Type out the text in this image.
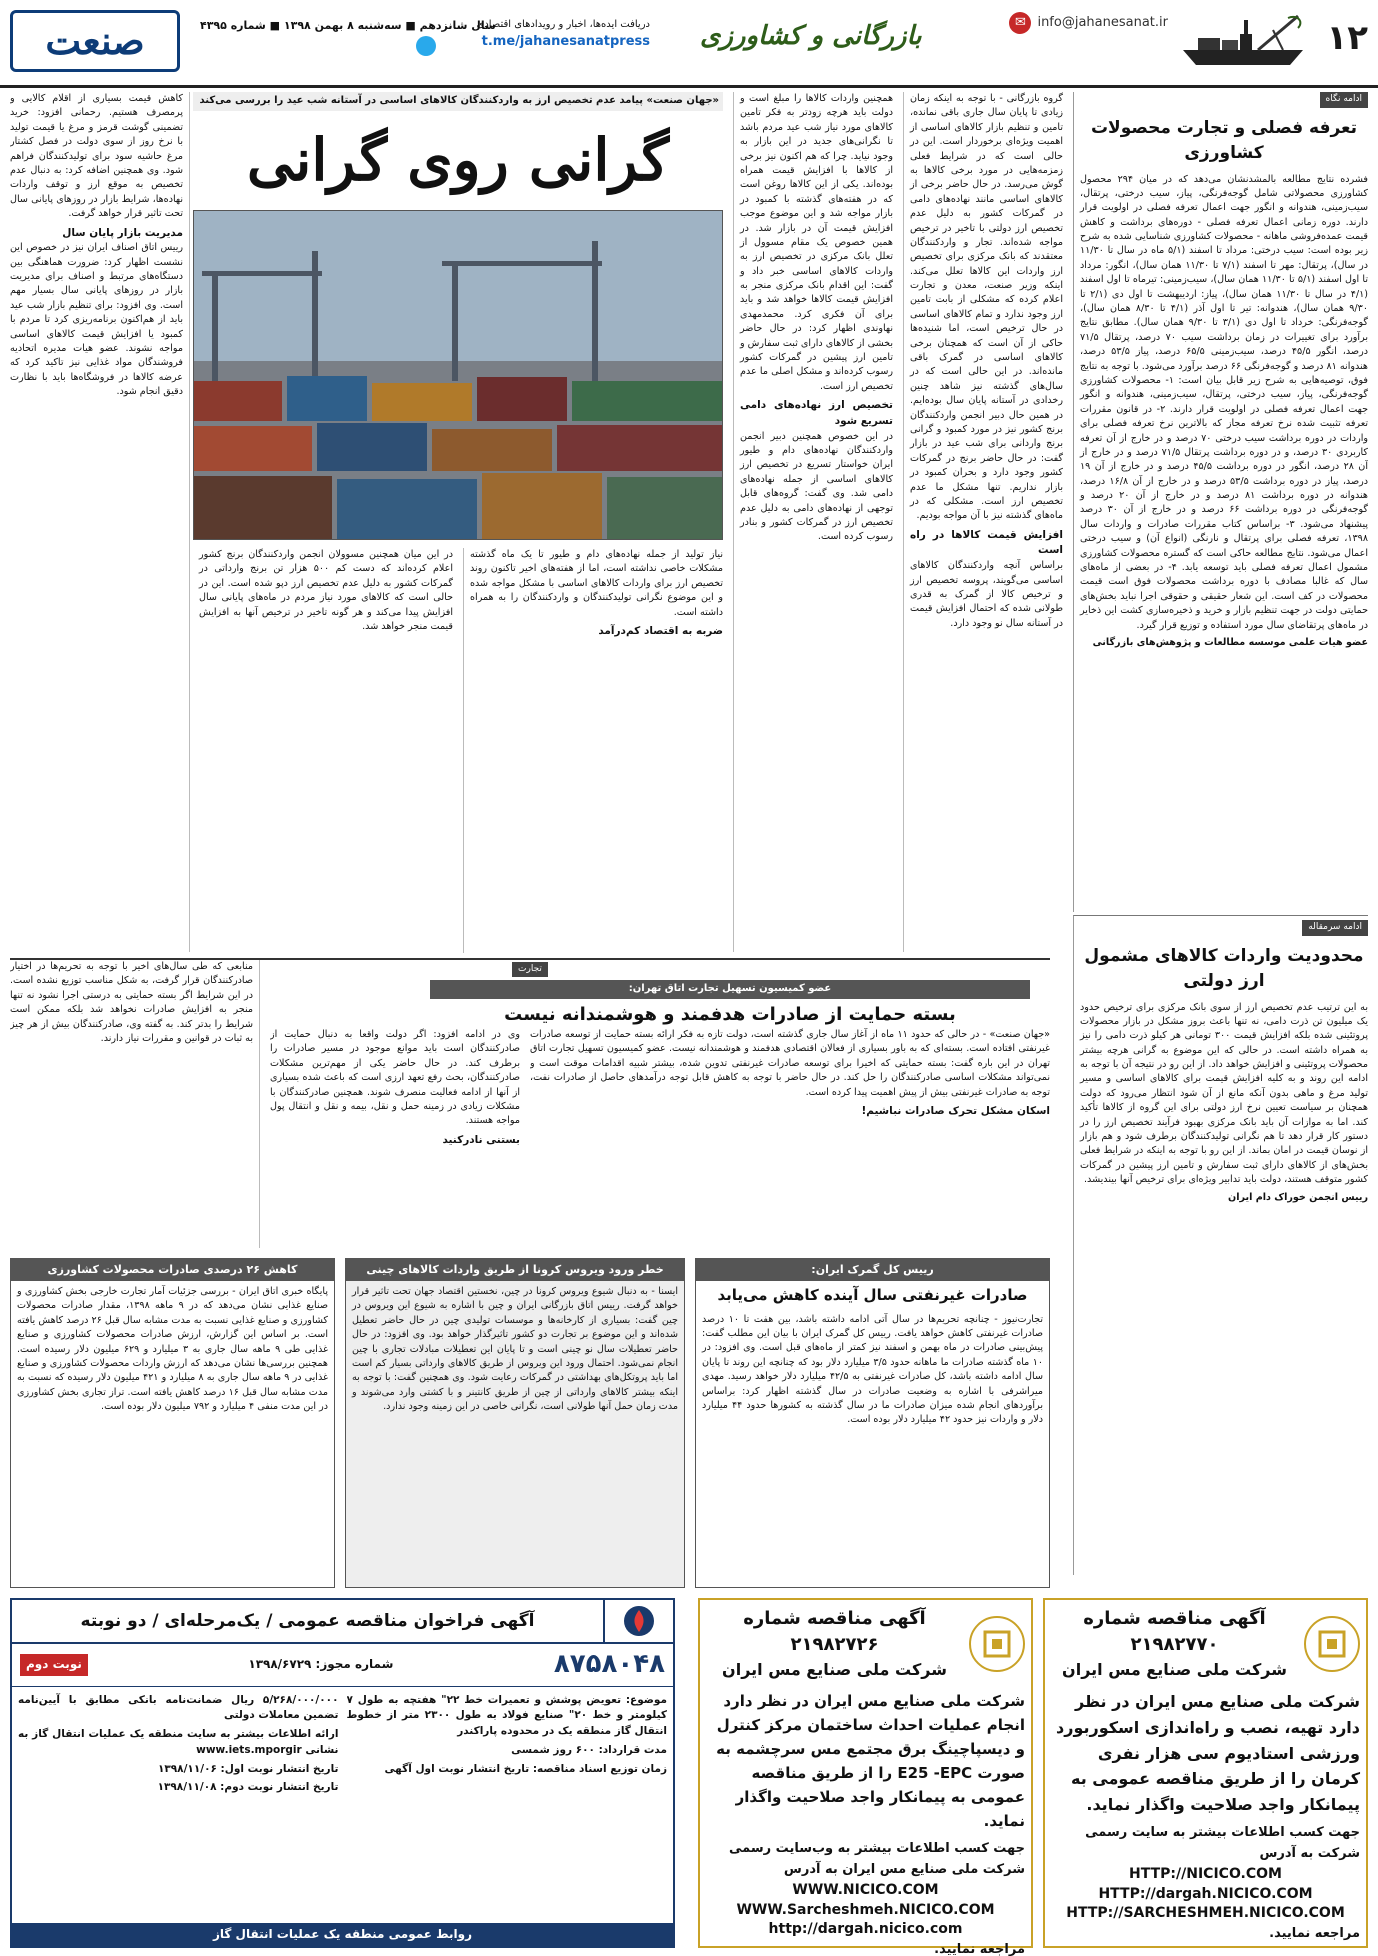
۱۲
info@jahanesanat.ir
✉
بازرگانی و کشاورزی
دریافت ایده‌ها، اخبار و رویدادهای اقتصادی
t.me/jahanesanatpress
سال شانزدهم ■ سه‌شنبه ۸ بهمن ۱۳۹۸ ■ شماره ۴۳۹۵
صنعت
ادامه نگاه
تعرفه فصلی و تجارت محصولات کشاورزی

فشرده نتایج مطالعه بالمشدنشان می‌دهد که در میان ۲۹۴ محصول کشاورزی محصولاتی شامل گوجه‌فرنگی، پیاز، سیب درختی، پرتقال، سیب‌زمینی، هندوانه و انگور جهت اعمال تعرفه فصلی در اولویت قرار دارند. دوره زمانی اعمال تعرفه فصلی - دوره‌های برداشت و کاهش قیمت عمده‌فروشی ماهانه - محصولات کشاورزی شناسایی شده به شرح زیر بوده است: سیب درختی: مرداد تا اسفند (۵/۱ ماه در سال تا ۱۱/۳۰ در سال)، پرتقال: مهر تا اسفند (۷/۱ تا ۱۱/۳۰ همان سال)، انگور: مرداد تا اول اسفند (۵/۱ تا ۱۱/۳۰ همان سال)، سیب‌زمینی: تیرماه تا اول اسفند (۴/۱ در سال تا ۱۱/۳۰ همان سال)، پیاز: اردیبهشت تا اول دی (۲/۱ تا ۹/۳۰ همان سال)، هندوانه: تیر تا اول آذر (۴/۱ تا ۸/۳۰ همان سال)، گوجه‌فرنگی: خرداد تا اول دی (۳/۱ تا ۹/۳۰ همان سال). مطابق نتایج برآورد برای تغییرات در زمان برداشت سیب ۷۰ درصد، پرتقال ۷۱/۵ درصد، انگور ۴۵/۵ درصد، سیب‌زمینی ۶۵/۵ درصد، پیاز ۵۳/۵ درصد، هندوانه ۸۱ درصد و گوجه‌فرنگی ۶۶ درصد برآورد می‌شود. با توجه به نتایج فوق، توصیه‌هایی به شرح زیر قابل بیان است: ۱- محصولات کشاورزی گوجه‌فرنگی، پیاز، سیب درختی، پرتقال، سیب‌زمینی، هندوانه و انگور جهت اعمال تعرفه فصلی در اولویت قرار دارند. ۲- در قانون مقررات تعرفه تثبیت شده نرخ تعرفه مجاز که بالاترین نرخ تعرفه فصلی برای واردات در دوره برداشت سیب درختی ۷۰ درصد و در خارج از آن تعرفه کاربردی ۳۰ درصد، و در دوره برداشت پرتقال ۷۱/۵ درصد و در خارج از آن ۲۸ درصد، انگور در دوره برداشت ۴۵/۵ درصد و در خارج از آن ۱۹ درصد، پیاز در دوره برداشت ۵۳/۵ درصد و در خارج از آن ۱۶/۸ درصد، هندوانه در دوره برداشت ۸۱ درصد و در خارج از آن ۲۰ درصد و گوجه‌فرنگی در دوره برداشت ۶۶ درصد و در خارج از آن ۳۰ درصد پیشنهاد می‌شود. ۳- براساس کتاب مقررات صادرات و واردات سال ۱۳۹۸، تعرفه فصلی برای پرتقال و نارنگی (انواع آن) و سیب درختی اعمال می‌شود. نتایج مطالعه حاکی است که گستره محصولات کشاورزی مشمول اعمال تعرفه فصلی باید توسعه یابد. ۴- در بعضی از ماه‌های سال که غالبا مصادف با دوره برداشت محصولات فوق است قیمت محصولات در کف است. این شعار حقیقی و حقوقی اجرا نباید بخش‌های حمایتی دولت در جهت تنظیم بازار و خرید و ذخیره‌سازی کشت این ذخایر در ماه‌های پرتقاضای سال مورد استفاده و توزیع قرار گیرد.

عضو هیات علمی موسسه مطالعات و پژوهش‌های بازرگانی

ادامه سرمقاله
محدودیت واردات کالاهای مشمول ارز دولتی

به این ترتیب عدم تخصیص ارز از سوی بانک مرکزی برای ترخیص حدود یک میلیون تن ذرت دامی، نه تنها باعث بروز مشکل در بازار محصولات پروتئینی شده بلکه افزایش قیمت ۳۰۰ تومانی هر کیلو ذرت دامی را نیز به همراه داشته است. در حالی که این موضوع به گرانی هرچه بیشتر محصولات پروتئینی و افزایش خواهد داد. از این رو در نتیجه آن با توجه به ادامه این روند و به کلیه افزایش قیمت برای کالاهای اساسی و مسیر تولید مرغ و ماهی بدون آنکه مانع از آن شود انتظار می‌رود که دولت همچنان بر سیاست تعیین نرخ ارز دولتی برای این گروه از کالاها تأکید کند. اما به موازات آن باید بانک مرکزی بهبود فرآیند تخصیص ارز را در دستور کار قرار دهد تا هم نگرانی تولیدکنندگان برطرف شود و هم بازار از نوسان قیمت در امان بماند. از این رو با توجه به اینکه در شرایط فعلی بخش‌های از کالاهای دارای ثبت سفارش و تامین ارز پیشین در گمرکات کشور متوقف هستند، دولت باید تدابیر ویژه‌ای برای ترخیص آنها بیندیشد.

رییس انجمن خوراک دام ایران

گروه بازرگانی - با توجه به اینکه زمان زیادی تا پایان سال جاری باقی نمانده، تامین و تنظیم بازار کالاهای اساسی از اهمیت ویژه‌ای برخوردار است. این در حالی است که در شرایط فعلی زمزمه‌هایی در مورد برخی کالاها به گوش می‌رسد. در حال حاضر برخی از کالاهای اساسی مانند نهاده‌های دامی در گمرکات کشور به دلیل عدم تخصیص ارز دولتی با تاخیر در ترخیص مواجه شده‌اند. تجار و واردکنندگان معتقدند که بانک مرکزی برای تخصیص ارز واردات این کالاها تعلل می‌کند. اینکه وزیر صنعت، معدن و تجارت اعلام کرده که مشکلی از بابت تامین ارز وجود ندارد و تمام کالاهای اساسی در حال ترخیص است، اما شنیده‌ها حاکی از آن است که همچنان برخی کالاهای اساسی در گمرک باقی مانده‌اند. در این حالی است که در سال‌های گذشته نیز شاهد چنین رخدادی در آستانه پایان سال بوده‌ایم. در همین حال دبیر انجمن واردکنندگان برنج کشور نیز در مورد کمبود و گرانی برنج واردانی برای شب عید در بازار گفت: در حال حاضر برنج در گمرکات کشور وجود دارد و بحران کمبود در بازار نداریم. تنها مشکل ما عدم تخصیص ارز است. مشکلی که در ماه‌های گذشته نیز با آن مواجه بودیم.

افزایش قیمت کالاها در راه است

براساس آنچه واردکنندگان کالاهای اساسی می‌گویند، پروسه تخصیص ارز و ترخیص کالا از گمرک به قدری طولانی شده که احتمال افزایش قیمت در آستانه سال نو وجود دارد.

همچنین واردات کالاها را مبلغ است و دولت باید هرچه زودتر به فکر تامین کالاهای مورد نیاز شب عید مردم باشد تا نگرانی‌های جدید در این بازار به وجود نیاید. چرا که هم اکنون نیز برخی از کالاها با افزایش قیمت همراه بوده‌اند. یکی از این کالاها روغن است که در هفته‌های گذشته با کمبود در بازار مواجه شد و این موضوع موجب افزایش قیمت آن در بازار شد. در همین خصوص یک مقام مسوول از تعلل بانک مرکزی در تخصیص ارز به واردات کالاهای اساسی خبر داد و گفت: این اقدام بانک مرکزی منجر به افزایش قیمت کالاها خواهد شد و باید برای آن فکری کرد. محمدمهدی نهاوندی اظهار کرد: در حال حاضر بخشی از کالاهای دارای ثبت سفارش و تامین ارز پیشین در گمرکات کشور رسوب کرده‌اند و مشکل اصلی ما عدم تخصیص ارز است.

تخصیص ارز نهاده‌های دامی تسریع شود

در این خصوص همچنین دبیر انجمن واردکنندگان نهاده‌های دام و طیور ایران خواستار تسریع در تخصیص ارز کالاهای اساسی از جمله نهاده‌های دامی شد. وی گفت: گروه‌های قابل توجهی از نهاده‌های دامی به دلیل عدم تخصیص ارز در گمرکات کشور و بنادر رسوب کرده است.

«جهان صنعت» پیامد عدم تخصیص ارز به واردکنندگان کالاهای اساسی در آستانه شب عید را بررسی می‌کند
گرانی روی گرانی

در این میان همچنین مسوولان انجمن واردکنندگان برنج کشور اعلام کرده‌اند که دست کم ۵۰۰ هزار تن برنج وارداتی در گمرکات کشور به دلیل عدم تخصیص ارز دپو شده است. این در حالی است که کالاهای مورد نیاز مردم در ماه‌های پایانی سال افزایش پیدا می‌کند و هر گونه تاخیر در ترخیص آنها به افزایش قیمت منجر خواهد شد.

نیاز تولید از جمله نهاده‌های دام و طیور تا یک ماه گذشته مشکلات خاصی نداشته است، اما از هفته‌های اخیر تاکنون روند تخصیص ارز برای واردات کالاهای اساسی با مشکل مواجه شده و این موضوع نگرانی تولیدکنندگان و واردکنندگان را به همراه داشته است.

ضربه به اقتصاد کم‌درآمد

کاهش قیمت بسیاری از اقلام کالایی و پرمصرف هستیم. رحمانی افزود: خرید تضمینی گوشت قرمز و مرغ یا قیمت تولید با نرخ روز از سوی دولت در فصل کشتار مرغ حاشیه سود برای تولیدکنندگان فراهم شود. وی همچنین اضافه کرد: به دنبال عدم تخصیص به موقع ارز و توقف واردات نهاده‌ها، شرایط بازار در روزهای پایانی سال تحت تاثیر قرار خواهد گرفت.

مدیریت بازار پایان سال

رییس اتاق اصناف ایران نیز در خصوص این نشست اظهار کرد: ضرورت هماهنگی بین دستگاه‌های مرتبط و اصناف برای مدیریت بازار در روزهای پایانی سال بسیار مهم است. وی افزود: برای تنظیم بازار شب عید باید از هم‌اکنون برنامه‌ریزی کرد تا مردم با کمبود یا افزایش قیمت کالاهای اساسی مواجه نشوند. عضو هیات مدیره اتحادیه فروشندگان مواد غذایی نیز تاکید کرد که عرضه کالاها در فروشگاه‌ها باید با نظارت دقیق انجام شود.

تجارت
عضو کمیسیون تسهیل تجارت اتاق تهران:
بسته حمایت از صادرات هدفمند و هوشمندانه نیست

«جهان صنعت» - در حالی که حدود ۱۱ ماه از آغاز سال جاری گذشته است، دولت تازه به فکر ارائه بسته حمایت از توسعه صادرات غیرنفتی افتاده است. بسته‌ای که به باور بسیاری از فعالان اقتصادی هدفمند و هوشمندانه نیست. عضو کمیسیون تسهیل تجارت اتاق تهران در این باره گفت: بسته حمایتی که اخیرا برای توسعه صادرات غیرنفتی تدوین شده، بیشتر شبیه اقدامات موقت است و نمی‌تواند مشکلات اساسی صادرکنندگان را حل کند. در حال حاضر با توجه به کاهش قابل توجه درآمدهای حاصل از صادرات نفت، توجه به صادرات غیرنفتی بیش از پیش اهمیت پیدا کرده است.

اسکان مشکل تحرک صادرات نباشیم!

وی در ادامه افزود: اگر دولت واقعا به دنبال حمایت از صادرکنندگان است باید موانع موجود در مسیر صادرات را برطرف کند. در حال حاضر یکی از مهم‌ترین مشکلات صادرکنندگان، بحث رفع تعهد ارزی است که باعث شده بسیاری از آنها از ادامه فعالیت منصرف شوند. همچنین صادرکنندگان با مشکلات زیادی در زمینه حمل و نقل، بیمه و نقل و انتقال پول مواجه هستند.

بستنی نادرکنید

منابعی که طی سال‌های اخیر با توجه به تحریم‌ها در اختیار صادرکنندگان قرار گرفت، به شکل مناسب توزیع نشده است. در این شرایط اگر بسته حمایتی به درستی اجرا نشود نه تنها منجر به افزایش صادرات نخواهد شد بلکه ممکن است شرایط را بدتر کند. به گفته وی، صادرکنندگان بیش از هر چیز به ثبات در قوانین و مقررات نیاز دارند.

رییس کل گمرک ایران:
صادرات غیرنفتی سال آینده کاهش می‌یابد

تجارت‌نیوز - چنانچه تحریم‌ها در سال آتی ادامه داشته باشد، بین هفت تا ۱۰ درصد صادرات غیرنفتی کاهش خواهد یافت. رییس کل گمرک ایران با بیان این مطلب گفت: پیش‌بینی صادرات در ماه بهمن و اسفند نیز کمتر از ماه‌های قبل است. وی افزود: در ۱۰ ماه گذشته صادرات ما ماهانه حدود ۳/۵ میلیارد دلار بود که چنانچه این روند تا پایان سال ادامه داشته باشد، کل صادرات غیرنفتی به ۴۲/۵ میلیارد دلار خواهد رسید. مهدی میراشرفی با اشاره به وضعیت صادرات در سال گذشته اظهار کرد: براساس برآوردهای انجام شده میزان صادرات ما در سال گذشته به کشورها حدود ۴۴ میلیارد دلار و واردات نیز حدود ۴۲ میلیارد دلار بوده است.

خطر ورود ویروس کرونا از طریق واردات کالاهای چینی

ایسنا - به دنبال شیوع ویروس کرونا در چین، نخستین اقتصاد جهان تحت تاثیر قرار خواهد گرفت. رییس اتاق بازرگانی ایران و چین با اشاره به شیوع این ویروس در چین گفت: بسیاری از کارخانه‌ها و موسسات تولیدی چین در حال حاضر تعطیل شده‌اند و این موضوع بر تجارت دو کشور تاثیرگذار خواهد بود. وی افزود: در حال حاضر تعطیلات سال نو چینی است و تا پایان این تعطیلات مبادلات تجاری با چین انجام نمی‌شود. احتمال ورود این ویروس از طریق کالاهای وارداتی بسیار کم است اما باید پروتکل‌های بهداشتی در گمرکات رعایت شود. وی همچنین گفت: با توجه به اینکه بیشتر کالاهای وارداتی از چین از طریق کانتینر و با کشتی وارد می‌شوند و مدت زمان حمل آنها طولانی است، نگرانی خاصی در این زمینه وجود ندارد.

کاهش ۲۶ درصدی صادرات محصولات کشاورزی

پایگاه خبری اتاق ایران - بررسی جزئیات آمار تجارت خارجی بخش کشاورزی و صنایع غذایی نشان می‌دهد که در ۹ ماهه ۱۳۹۸، مقدار صادرات محصولات کشاورزی و صنایع غذایی نسبت به مدت مشابه سال قبل ۲۶ درصد کاهش یافته است. بر اساس این گزارش، ارزش صادرات محصولات کشاورزی و صنایع غذایی طی ۹ ماهه سال جاری به ۳ میلیارد و ۶۲۹ میلیون دلار رسیده است. همچنین بررسی‌ها نشان می‌دهد که ارزش واردات محصولات کشاورزی و صنایع غذایی در ۹ ماهه سال جاری به ۸ میلیارد و ۴۲۱ میلیون دلار رسیده که نسبت به مدت مشابه سال قبل ۱۶ درصد کاهش یافته است. تراز تجاری بخش کشاورزی در این مدت منفی ۴ میلیارد و ۷۹۲ میلیون دلار بوده است.

آگهی مناقصه شماره ۲۱۹۸۲۷۷۰
شرکت ملی صنایع مس ایران
شرکت ملی صنایع مس ایران در نظر دارد تهیه، نصب و راه‌اندازی اسکوربورد ورزشی استادیوم سی هزار نفری کرمان را از طریق مناقصه عمومی به پیمانکار واجد صلاحیت واگذار نماید.
جهت کسب اطلاعات بیشتر به سایت رسمی شرکت به آدرس
HTTP://NICICO.COM
HTTP://dargah.NICICO.COM
HTTP://SARCHESHMEH.NICICO.COM
مراجعه نمایید.
آگهی مناقصه شماره ۲۱۹۸۲۷۲۶
شرکت ملی صنایع مس ایران
شرکت ملی صنایع مس ایران در نظر دارد انجام عملیات احداث ساختمان مرکز کنترل و دیسپاچینگ برق مجتمع مس سرچشمه به صورت E25 -EPC را از طریق مناقصه عمومی به پیمانکار واجد صلاحیت واگذار نماید.
جهت کسب اطلاعات بیشتر به وب‌سایت رسمی شرکت ملی صنایع مس ایران به آدرس
WWW.NICICO.COM
WWW.Sarcheshmeh.NICICO.COM
http://dargah.nicico.com
مراجعه نمایید.
آگهی فراخوان مناقصه عمومی / یک‌مرحله‌ای / دو نوبته
۸۷۵۸۰۴۸
شماره مجوز: ۱۳۹۸/۶۷۲۹
نوبت دوم

موضوع: تعویض پوشش و تعمیرات خط ۲۲" هفتچه به طول ۷ کیلومتر و خط ۲۰" صنایع فولاد به طول ۲۳۰۰ متر از خطوط انتقال گاز منطقه یک در محدوده پاراکندر

مدت قرارداد: ۶۰۰ روز شمسی

زمان توزیع اسناد مناقصه: تاریخ انتشار نوبت اول آگهی

۵/۲۶۸/۰۰۰/۰۰۰ ریال ضمانت‌نامه بانکی مطابق با آیین‌نامه تضمین معاملات دولتی

ارائه اطلاعات بیشتر به سایت منطقه یک عملیات انتقال گاز به نشانی www.iets.mporgir

تاریخ انتشار نوبت اول: ۱۳۹۸/۱۱/۰۶

تاریخ انتشار نوبت دوم: ۱۳۹۸/۱۱/۰۸

روابط عمومی منطقه یک عملیات انتقال گاز
